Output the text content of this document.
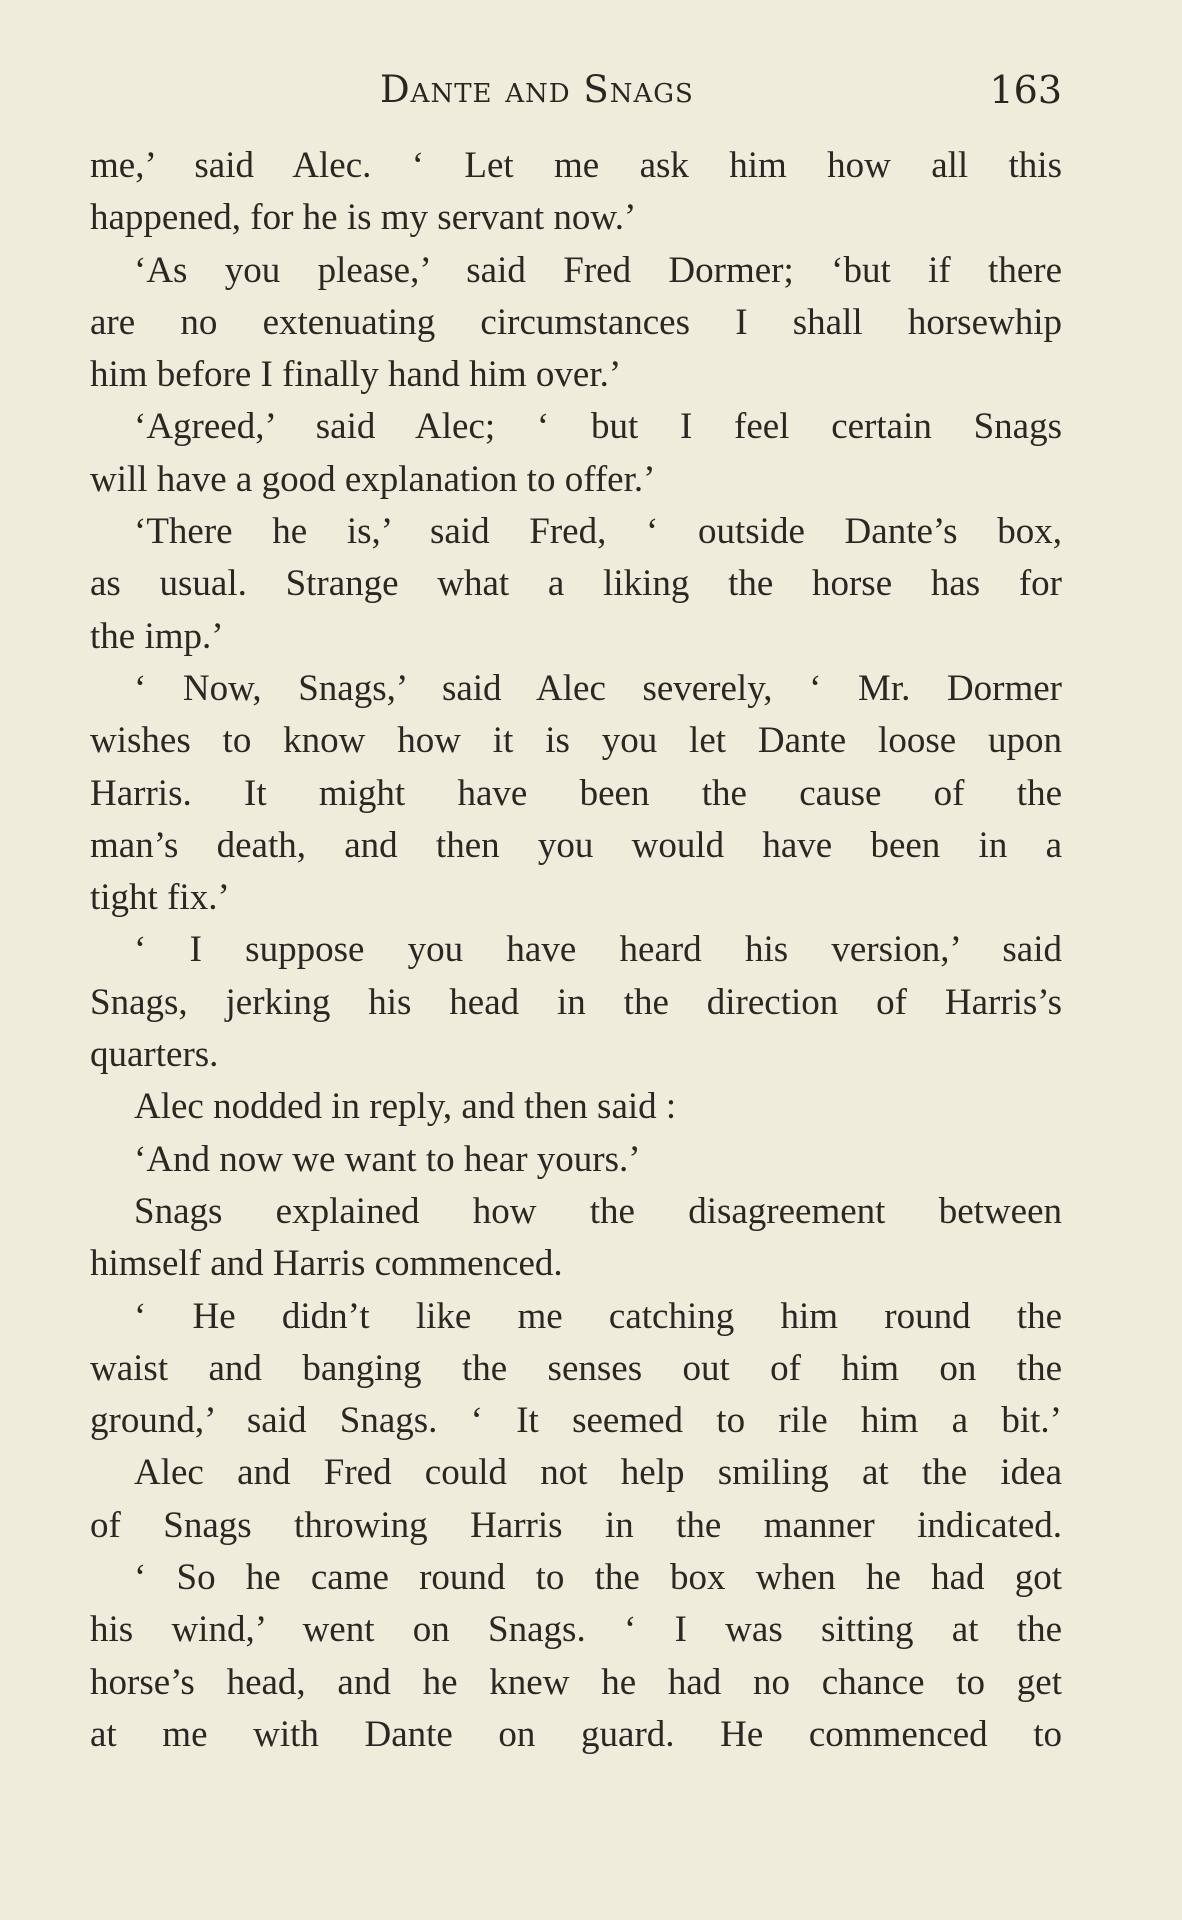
Dante and Snags	163
me,’ said Alec. ‘ Let me ask him how all this
happened, for he is my servant now.’
‘As you please,’ said Fred Dormer; ‘but if there
are no extenuating circumstances I shall horsewhip
him before I finally hand him over.’
‘Agreed,’ said Alec; ‘ but I feel certain Snags
will have a good explanation to offer.’
‘There he is,’ said Fred, ‘ outside Dante’s box,
as usual. Strange what a liking the horse has for
the imp.’
‘ Now, Snags,’ said Alec severely, ‘ Mr. Dormer
wishes to know how it is you let Dante loose upon
Harris. It might have been the cause of the
man’s death, and then you would have been in a
tight fix.’
‘ I suppose you have heard his version,’ said
Snags, jerking his head in the direction of Harris’s
quarters.
Alec nodded in reply, and then said :
‘And now we want to hear yours.’
Snags explained how the disagreement between
himself and Harris commenced.
‘ He didn’t like me catching him round the
waist and banging the senses out of him on the
ground,’ said Snags. ‘ It seemed to rile him a bit.’
Alec and Fred could not help smiling at the idea
of Snags throwing Harris in the manner indicated.
‘ So he came round to the box when he had got
his wind,’ went on Snags. ‘ I was sitting at the
horse’s head, and he knew he had no chance to get
at me with Dante on guard. He commenced to
